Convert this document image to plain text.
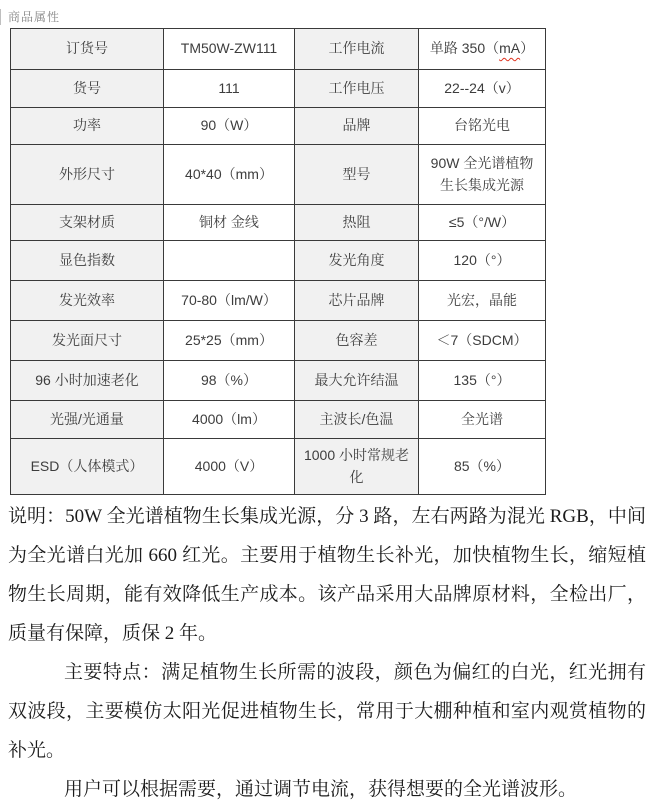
商品属性
订货号	TM50W-ZW111	工作电流	单路 350（mA）
货号	111	工作电压	22--24（v）
功率	90（W）	品牌	台铭光电
外形尺寸	40*40（mm）	型号	90W 全光谱植物生长集成光源
支架材质	铜材 金线	热阻	≤5（°/W）
显色指数		发光角度	120（°）
发光效率	70-80（lm/W）	芯片品牌	光宏，晶能
发光面尺寸	25*25（mm）	色容差	＜7（SDCM）
96 小时加速老化	98（%）	最大允许结温	135（°）
光强/光通量	4000（lm）	主波长/色温	全光谱
ESD（人体模式）	4000（V）	1000 小时常规老化	85（%）

说明：50W 全光谱植物生长集成光源，分 3 路，左右两路为混光 RGB，中间为全光谱白光加 660 红光。主要用于植物生长补光，加快植物生长，缩短植物生长周期，能有效降低生产成本。该产品采用大品牌原材料，全检出厂，质量有保障，质保 2 年。

主要特点：满足植物生长所需的波段，颜色为偏红的白光，红光拥有双波段，主要模仿太阳光促进植物生长，常用于大棚种植和室内观赏植物的补光。

用户可以根据需要，通过调节电流，获得想要的全光谱波形。
